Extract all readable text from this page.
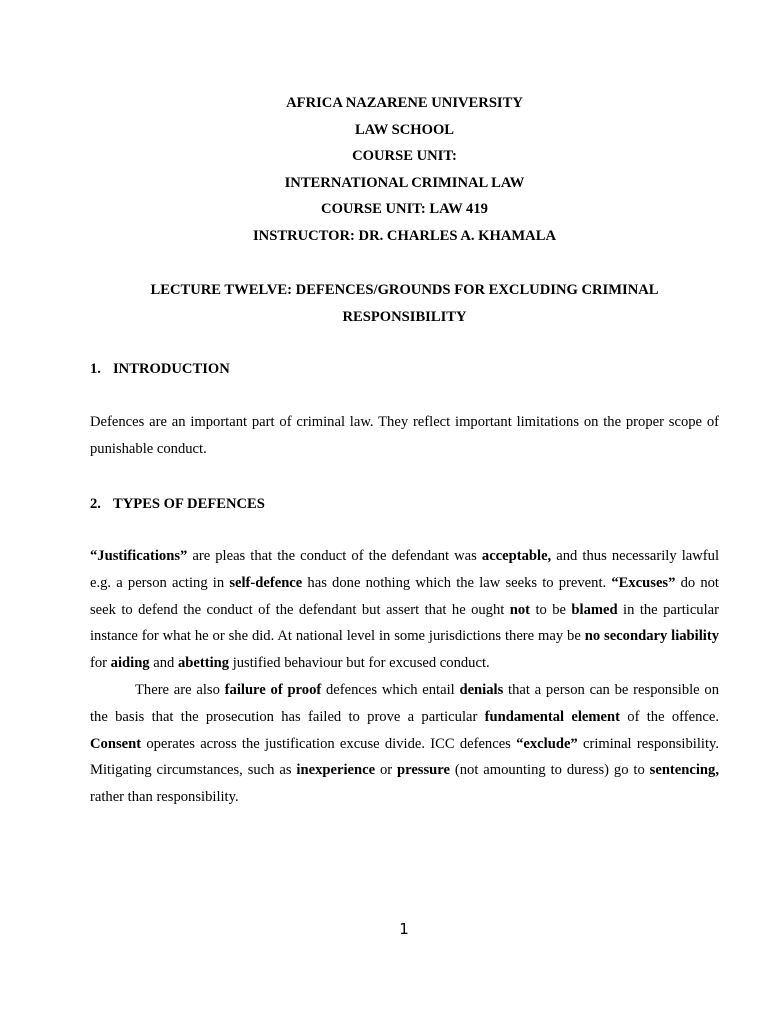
AFRICA NAZARENE UNIVERSITY
LAW SCHOOL
COURSE UNIT:
INTERNATIONAL CRIMINAL LAW
COURSE UNIT: LAW 419
INSTRUCTOR: DR. CHARLES A. KHAMALA
LECTURE TWELVE: DEFENCES/GROUNDS FOR EXCLUDING CRIMINAL
RESPONSIBILITY
1. INTRODUCTION
Defences are an important part of criminal law. They reflect important limitations on the proper scope of punishable conduct.
2. TYPES OF DEFENCES
“Justifications” are pleas that the conduct of the defendant was acceptable, and thus necessarily lawful e.g. a person acting in self-defence has done nothing which the law seeks to prevent. “Excuses” do not seek to defend the conduct of the defendant but assert that he ought not to be blamed in the particular instance for what he or she did. At national level in some jurisdictions there may be no secondary liability for aiding and abetting justified behaviour but for excused conduct.
There are also failure of proof defences which entail denials that a person can be responsible on the basis that the prosecution has failed to prove a particular fundamental element of the offence. Consent operates across the justification excuse divide. ICC defences “exclude” criminal responsibility. Mitigating circumstances, such as inexperience or pressure (not amounting to duress) go to sentencing, rather than responsibility.
1
